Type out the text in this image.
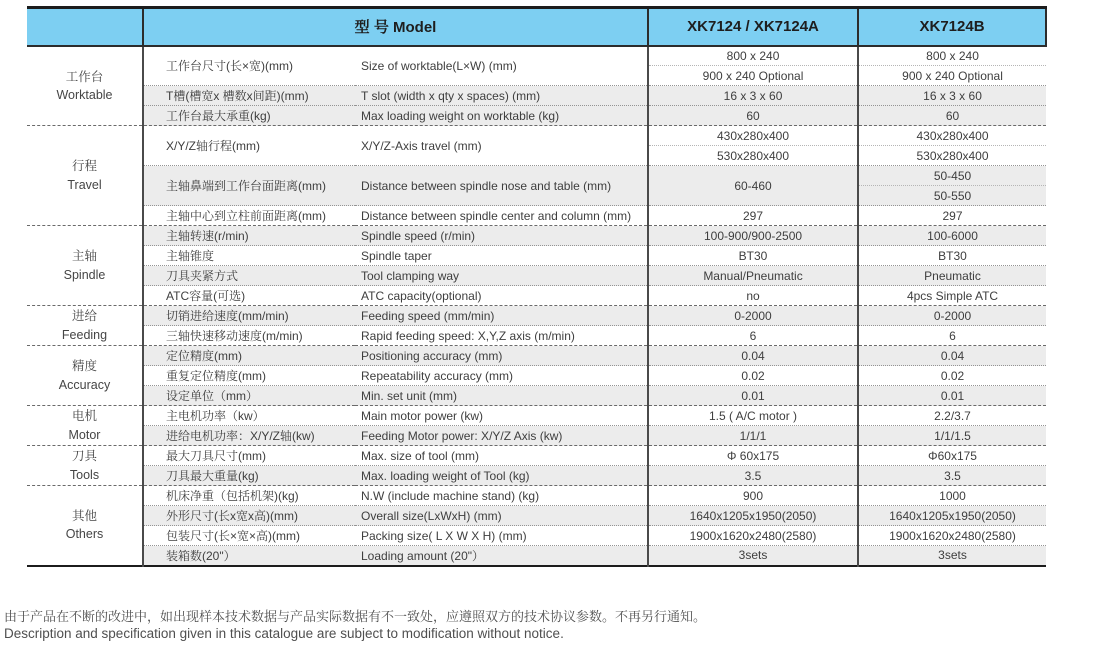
	型 号 Model		XK7124 / XK7124A	XK7124B

工作台
Worktable	工作台尺寸(长×宽)(mm)	Size of worktable(L×W) (mm)	800 x 240	800 x 240
			900 x 240 Optional	900 x 240 Optional
	T槽(槽宽x 槽数x间距)(mm)	T slot (width x qty x spaces) (mm)	16 x 3 x 60	16 x 3 x 60
	工作台最大承重(kg)	Max loading weight on worktable (kg)	60	60

行程
Travel	X/Y/Z轴行程(mm)	X/Y/Z-Axis travel (mm)	430x280x400	430x280x400
			530x280x400	530x280x400
	主轴鼻端到工作台面距离(mm)	Distance between spindle nose and table (mm)	60-460	50-450
				50-550
	主轴中心到立柱前面距离(mm)	Distance between spindle center and column (mm)	297	297

主轴
Spindle	主轴转速(r/min)	Spindle speed (r/min)	100-900/900-2500	100-6000
	主轴锥度	Spindle taper	BT30	BT30
	刀具夹紧方式	Tool clamping way	Manual/Pneumatic	Pneumatic
	ATC容量(可选)	ATC capacity(optional)	no	4pcs Simple ATC

进给
Feeding	切销进给速度(mm/min)	Feeding speed (mm/min)	0-2000	0-2000
	三轴快速移动速度(m/min)	Rapid feeding speed: X,Y,Z axis (m/min)	6	6

精度
Accuracy	定位精度(mm)	Positioning accuracy (mm)	0.04	0.04
	重复定位精度(mm)	Repeatability accuracy (mm)	0.02	0.02
	设定单位（mm）	Min. set unit (mm)	0.01	0.01

电机
Motor	主电机功率（kw）	Main motor power (kw)	1.5 ( A/C motor )	2.2/3.7
	进给电机功率：X/Y/Z轴(kw)	Feeding Motor power: X/Y/Z Axis (kw)	1/1/1	1/1/1.5

刀具
Tools	最大刀具尺寸(mm)	Max. size of tool (mm)	Φ 60x175	Φ60x175
	刀具最大重量(kg)	Max. loading weight of Tool (kg)	3.5	3.5

其他
Others	机床净重（包括机架)(kg)	N.W (include machine stand) (kg)	900	1000
	外形尺寸(长x宽x高)(mm)	Overall size(LxWxH) (mm)	1640x1205x1950(2050)	1640x1205x1950(2050)
	包装尺寸(长×宽×高)(mm)	Packing size( L X W X H) (mm)	1900x1620x2480(2580)	1900x1620x2480(2580)
	装箱数(20"）	Loading amount (20"）	3sets	3sets
由于产品在不断的改进中，如出现样本技术数据与产品实际数据有不一致处，应遵照双方的技术协议参数。不再另行通知。
Description and specification given in this catalogue are subject to modification without notice.
